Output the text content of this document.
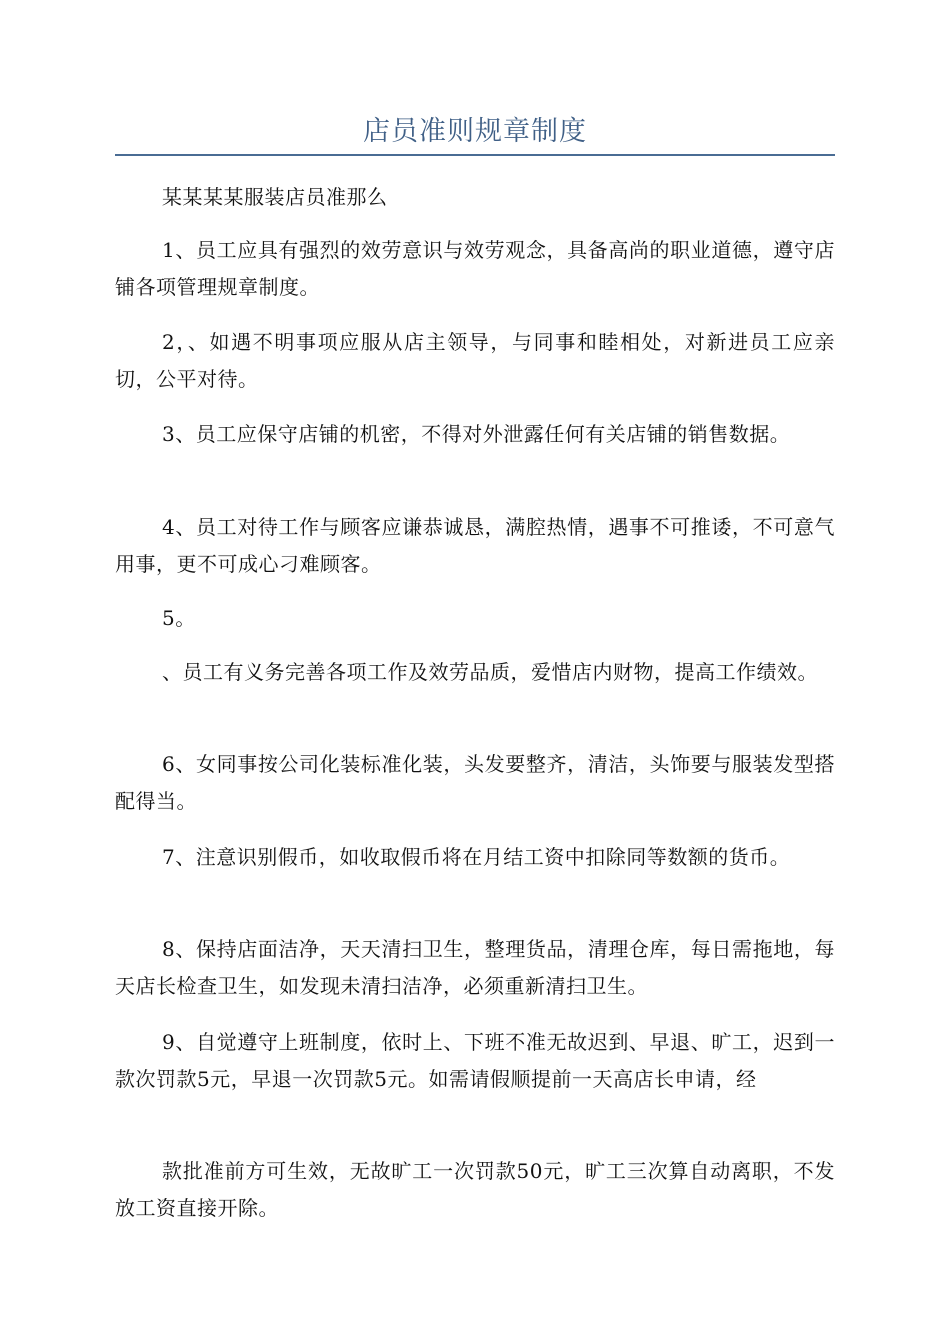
店员准则规章制度

某某某某服装店员准那么

1、员工应具有强烈的效劳意识与效劳观念，具备高尚的职业道德，遵守店铺各项管理规章制度。

2，、如遇不明事项应服从店主领导，与同事和睦相处，对新进员工应亲切，公平对待。

3、员工应保守店铺的机密，不得对外泄露任何有关店铺的销售数据。

4、员工对待工作与顾客应谦恭诚恳，满腔热情，遇事不可推诿，不可意气用事，更不可成心刁难顾客。

5。

、员工有义务完善各项工作及效劳品质，爱惜店内财物，提高工作绩效。

6、女同事按公司化装标准化装，头发要整齐，清洁，头饰要与服装发型搭配得当。

7、注意识别假币，如收取假币将在月结工资中扣除同等数额的货币。

8、保持店面洁净，天天清扫卫生，整理货品，清理仓库，每日需拖地，每天店长检查卫生，如发现未清扫洁净，必须重新清扫卫生。

9、自觉遵守上班制度，依时上、下班不准无故迟到、早退、旷工，迟到一款次罚款5元，早退一次罚款5元。如需请假顺提前一天高店长申请，经

款批准前方可生效，无故旷工一次罚款50元，旷工三次算自动离职，不发放工资直接开除。
